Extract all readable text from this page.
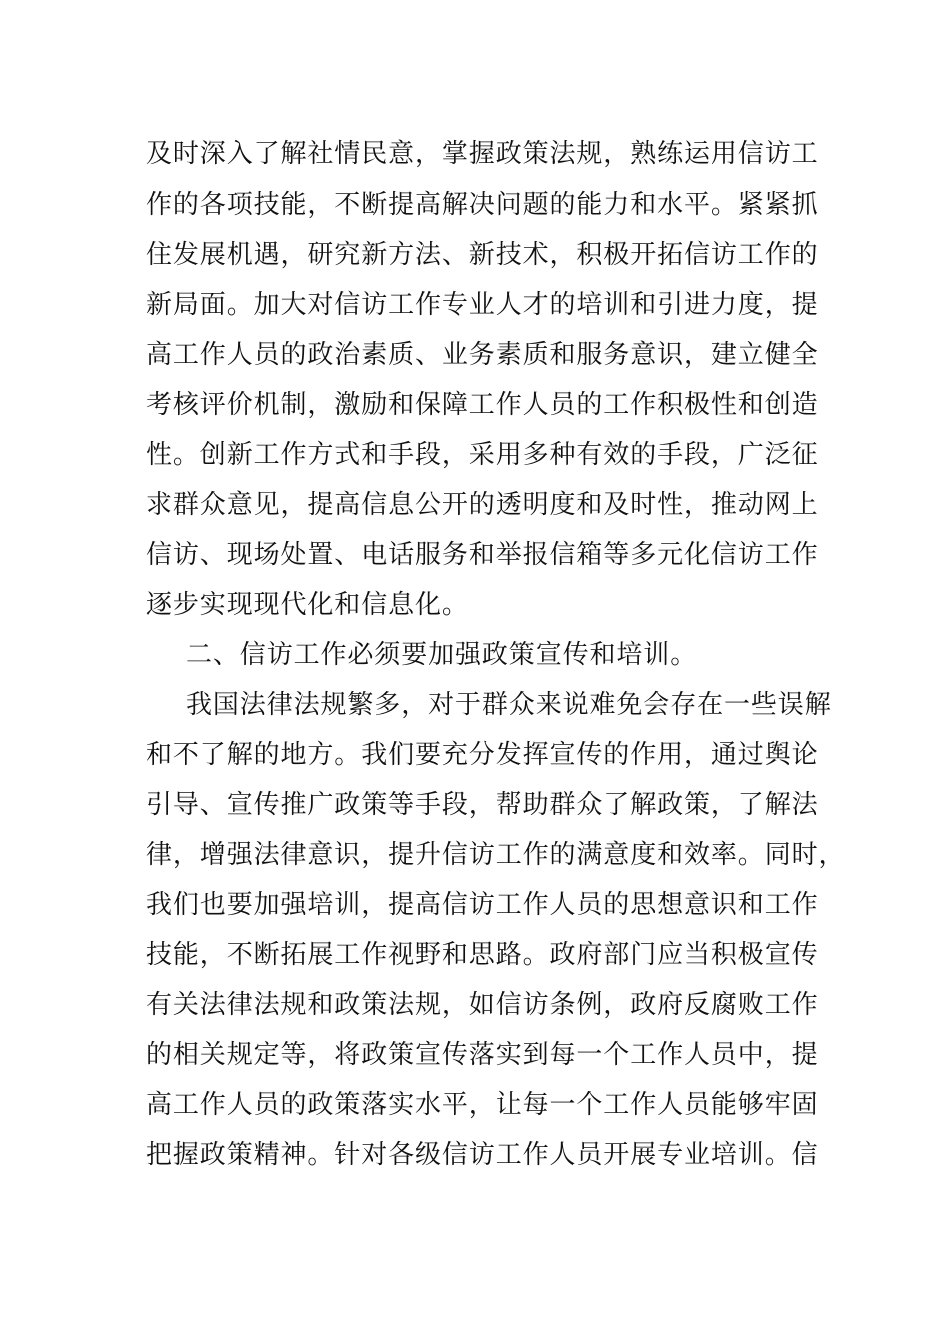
及时深入了解社情民意，掌握政策法规，熟练运用信访工
作的各项技能，不断提高解决问题的能力和水平。紧紧抓
住发展机遇，研究新方法、新技术，积极开拓信访工作的
新局面。加大对信访工作专业人才的培训和引进力度，提
高工作人员的政治素质、业务素质和服务意识，建立健全
考核评价机制，激励和保障工作人员的工作积极性和创造
性。创新工作方式和手段，采用多种有效的手段，广泛征
求群众意见，提高信息公开的透明度和及时性，推动网上
信访、现场处置、电话服务和举报信箱等多元化信访工作
逐步实现现代化和信息化。
二、信访工作必须要加强政策宣传和培训。
我国法律法规繁多，对于群众来说难免会存在一些误解
和不了解的地方。我们要充分发挥宣传的作用，通过舆论
引导、宣传推广政策等手段，帮助群众了解政策，了解法
律，增强法律意识，提升信访工作的满意度和效率。同时，
我们也要加强培训，提高信访工作人员的思想意识和工作
技能，不断拓展工作视野和思路。政府部门应当积极宣传
有关法律法规和政策法规，如信访条例，政府反腐败工作
的相关规定等，将政策宣传落实到每一个工作人员中，提
高工作人员的政策落实水平，让每一个工作人员能够牢固
把握政策精神。针对各级信访工作人员开展专业培训。信
